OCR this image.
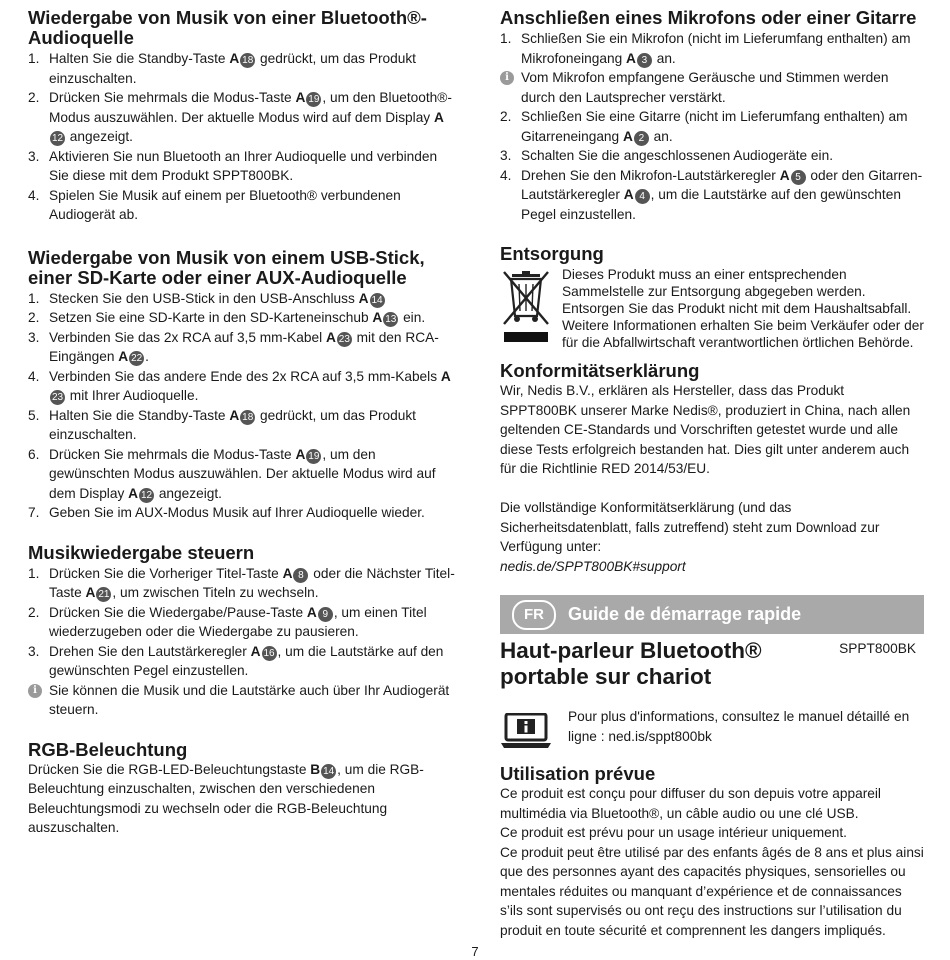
Wiedergabe von Musik von einer Bluetooth®-Audioquelle
1. Halten Sie die Standby-Taste A 18 gedrückt, um das Produkt einzuschalten.
2. Drücken Sie mehrmals die Modus-Taste A 19 , um den Bluetooth®-Modus auszuwählen. Der aktuelle Modus wird auf dem Display A12 angezeigt.
3. Aktivieren Sie nun Bluetooth an Ihrer Audioquelle und verbinden Sie diese mit dem Produkt SPPT800BK.
4. Spielen Sie Musik auf einem per Bluetooth® verbundenen Audiogerät ab.
Wiedergabe von Musik von einem USB-Stick, einer SD-Karte oder einer AUX-Audioquelle
1. Stecken Sie den USB-Stick in den USB-Anschluss A 14
2. Setzen Sie eine SD-Karte in den SD-Karteneinschub A 13 ein.
3. Verbinden Sie das 2x RCA auf 3,5 mm-Kabel A 23 mit den RCA-Eingängen A 22 .
4. Verbinden Sie das andere Ende des 2x RCA auf 3,5 mm-Kabels A23 mit Ihrer Audioquelle.
5. Halten Sie die Standby-Taste A 18 gedrückt, um das Produkt einzuschalten.
6. Drücken Sie mehrmals die Modus-Taste A 19 , um den gewünschten Modus auszuwählen. Der aktuelle Modus wird auf dem Display A 12 angezeigt.
7. Geben Sie im AUX-Modus Musik auf Ihrer Audioquelle wieder.
Musikwiedergabe steuern
1. Drücken Sie die Vorheriger Titel-Taste A 8 oder die Nächster Titel-Taste A 21 , um zwischen Titeln zu wechseln.
2. Drücken Sie die Wiedergabe/Pause-Taste A 9 , um einen Titel wiederzugeben oder die Wiedergabe zu pausieren.
3. Drehen Sie den Lautstärkeregler A 16 , um die Lautstärke auf den gewünschten Pegel einzustellen.
i Sie können die Musik und die Lautstärke auch über Ihr Audiogerät steuern.
RGB-Beleuchtung

Drücken Sie die RGB-LED-Beleuchtungstaste B 14 , um die RGB-Beleuchtung einzuschalten, zwischen den verschiedenen Beleuchtungsmodi zu wechseln oder die RGB-Beleuchtung auszuschalten.

Anschließen eines Mikrofons oder einer Gitarre
1. Schließen Sie ein Mikrofon (nicht im Lieferumfang enthalten) am Mikrofoneingang A 3 an.
i Vom Mikrofon empfangene Geräusche und Stimmen werden durch den Lautsprecher verstärkt.
2. Schließen Sie eine Gitarre (nicht im Lieferumfang enthalten) am Gitarreneingang A 2 an.
3. Schalten Sie die angeschlossenen Audiogeräte ein.
4. Drehen Sie den Mikrofon-Lautstärkeregler A 5 oder den Gitarren-Lautstärkeregler A 4 , um die Lautstärke auf den gewünschten Pegel einzustellen.
Entsorgung
Dieses Produkt muss an einer entsprechenden Sammelstelle zur Entsorgung abgegeben werden. Entsorgen Sie das Produkt nicht mit dem Haushaltsabfall. Weitere Informationen erhalten Sie beim Verkäufer oder der für die Abfallwirtschaft verantwortlichen örtlichen Behörde.
Konformitätserklärung

Wir, Nedis B.V., erklären als Hersteller, dass das Produkt SPPT800BK unserer Marke Nedis®, produziert in China, nach allen geltenden CE-Standards und Vorschriften getestet wurde und alle diese Tests erfolgreich bestanden hat. Dies gilt unter anderem auch für die Richtlinie RED 2014/53/EU.

Die vollständige Konformitätserklärung (und das Sicherheitsdatenblatt, falls zutreffend) steht zum Download zur Verfügung unter:

nedis.de/SPPT800BK#support

FR	Guide de démarrage rapide
Haut-parleur Bluetooth®
portable sur chariot
SPPT800BK
Pour plus d'informations, consultez le manuel détaillé en ligne : ned.is/sppt800bk
Utilisation prévue

Ce produit est conçu pour diffuser du son depuis votre appareil multimédia via Bluetooth®, un câble audio ou une clé USB.

Ce produit est prévu pour un usage intérieur uniquement.

Ce produit peut être utilisé par des enfants âgés de 8 ans et plus ainsi que des personnes ayant des capacités physiques, sensorielles ou mentales réduites ou manquant d’expérience et de connaissances s’ils sont supervisés ou ont reçu des instructions sur l’utilisation du produit en toute sécurité et comprennent les dangers impliqués.

7
